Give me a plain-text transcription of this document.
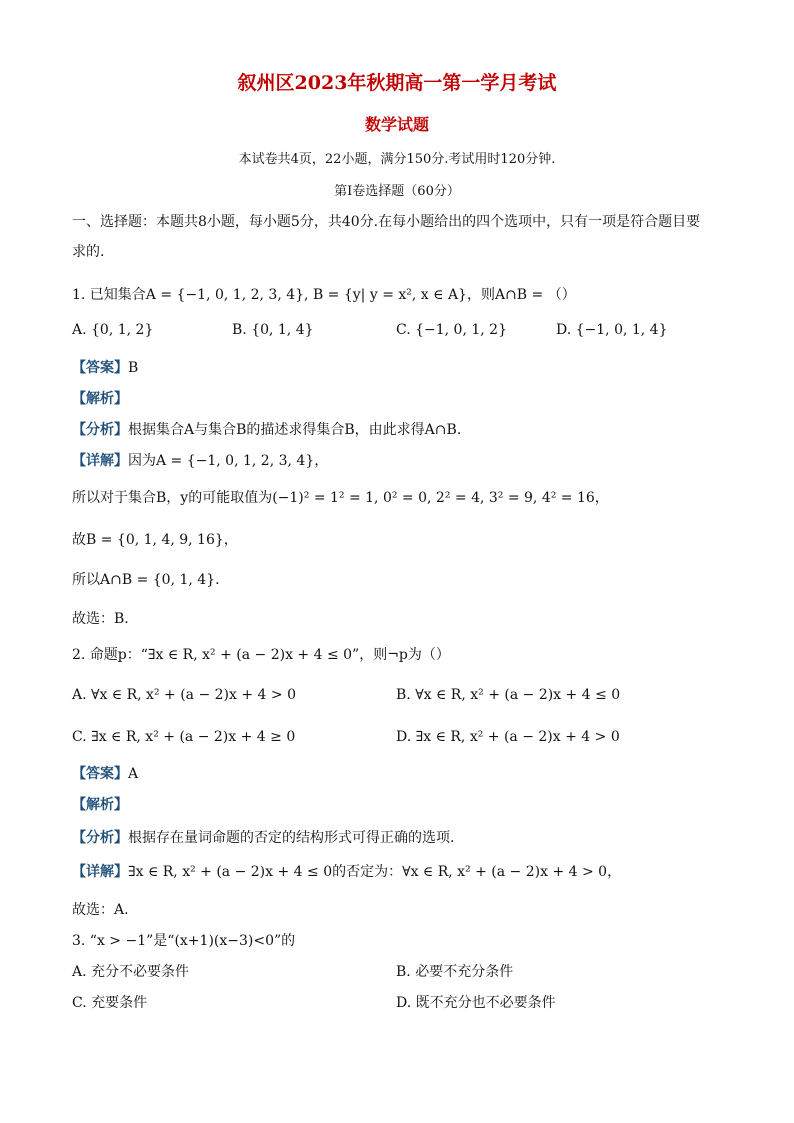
叙州区2023年秋期高一第一学月考试
数学试题
本试卷共4页，22小题，满分150分.考试用时120分钟.
第I卷选择题（60分）
一、选择题：本题共8小题，每小题5分，共40分.在每小题给出的四个选项中，只有一项是符合题目要
求的.
1. 已知集合A = {−1, 0, 1, 2, 3, 4}, B = {y| y = x², x ∈ A}，则A∩B = （）
A. {0, 1, 2}	B. {0, 1, 4}	C. {−1, 0, 1, 2}	D. {−1, 0, 1, 4}
【答案】B
【解析】
【分析】根据集合A与集合B的描述求得集合B，由此求得A∩B.
【详解】因为A = {−1, 0, 1, 2, 3, 4}，
所以对于集合B，y的可能取值为(−1)² = 1² = 1, 0² = 0, 2² = 4, 3² = 9, 4² = 16，
故B = {0, 1, 4, 9, 16}，
所以A∩B = {0, 1, 4}.
故选：B.
2. 命题p：“∃x ∈ R, x² + (a − 2)x + 4 ≤ 0”，则¬p为（）
A. ∀x ∈ R, x² + (a − 2)x + 4 > 0	B. ∀x ∈ R, x² + (a − 2)x + 4 ≤ 0
C. ∃x ∈ R, x² + (a − 2)x + 4 ≥ 0	D. ∃x ∈ R, x² + (a − 2)x + 4 > 0
【答案】A
【解析】
【分析】根据存在量词命题的否定的结构形式可得正确的选项.
【详解】∃x ∈ R, x² + (a − 2)x + 4 ≤ 0的否定为：∀x ∈ R, x² + (a − 2)x + 4 > 0，
故选：A.
3. “x > −1”是“(x+1)(x−3)<0”的
A. 充分不必要条件	B. 必要不充分条件
C. 充要条件	D. 既不充分也不必要条件
